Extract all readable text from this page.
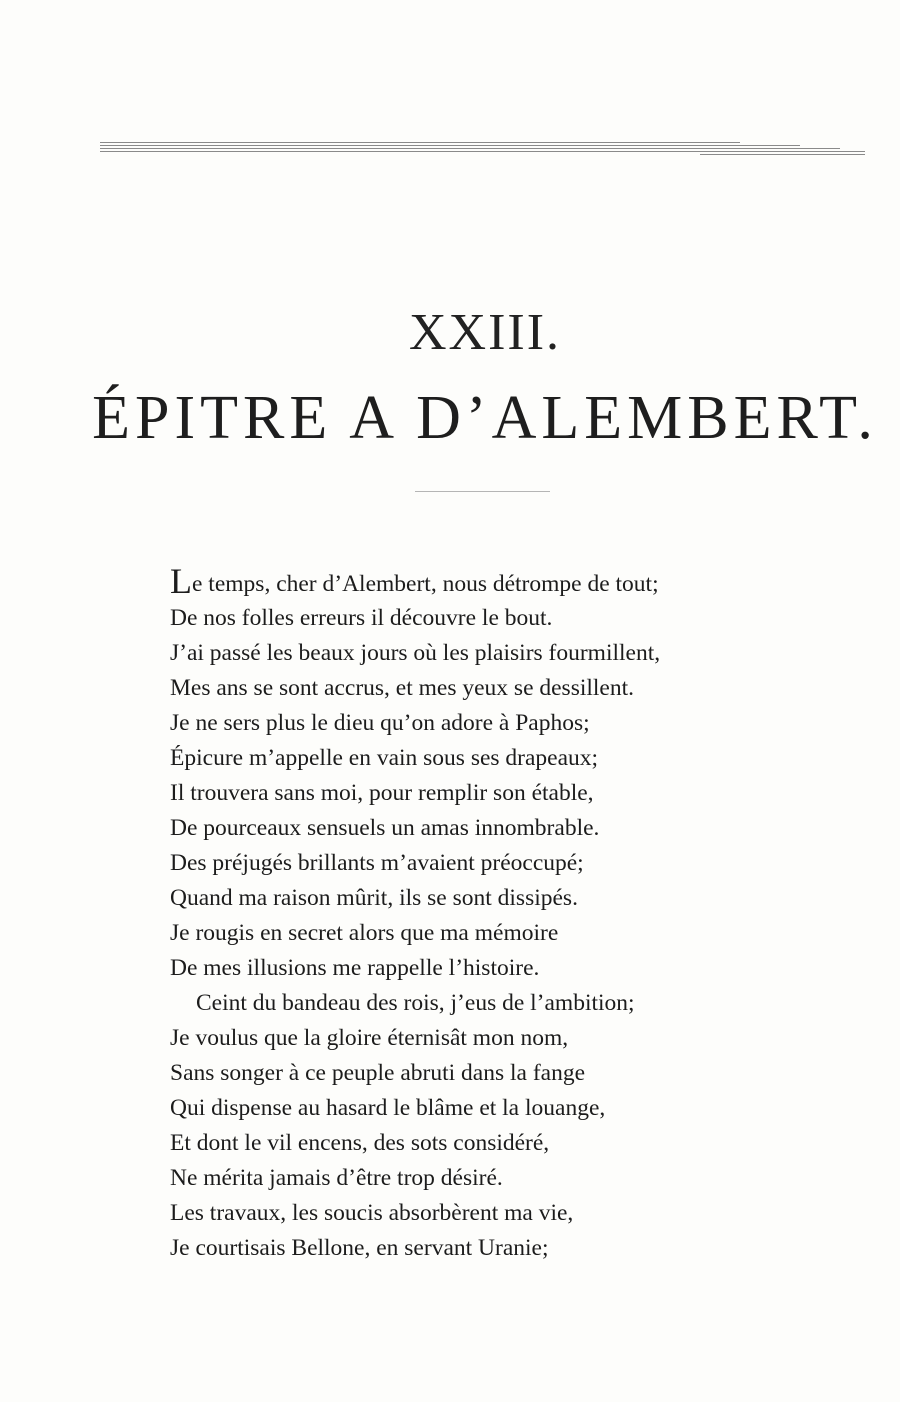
XXIII.
ÉPITRE A D’ALEMBERT.
Le temps, cher d’Alembert, nous détrompe de tout;
De nos folles erreurs il découvre le bout.
J’ai passé les beaux jours où les plaisirs fourmillent,
Mes ans se sont accrus, et mes yeux se dessillent.
Je ne sers plus le dieu qu’on adore à Paphos;
Épicure m’appelle en vain sous ses drapeaux;
Il trouvera sans moi, pour remplir son étable,
De pourceaux sensuels un amas innombrable.
Des préjugés brillants m’avaient préoccupé;
Quand ma raison mûrit, ils se sont dissipés.
Je rougis en secret alors que ma mémoire
De mes illusions me rappelle l’histoire.
Ceint du bandeau des rois, j’eus de l’ambition;
Je voulus que la gloire éternisât mon nom,
Sans songer à ce peuple abruti dans la fange
Qui dispense au hasard le blâme et la louange,
Et dont le vil encens, des sots considéré,
Ne mérita jamais d’être trop désiré.
Les travaux, les soucis absorbèrent ma vie,
Je courtisais Bellone, en servant Uranie;
